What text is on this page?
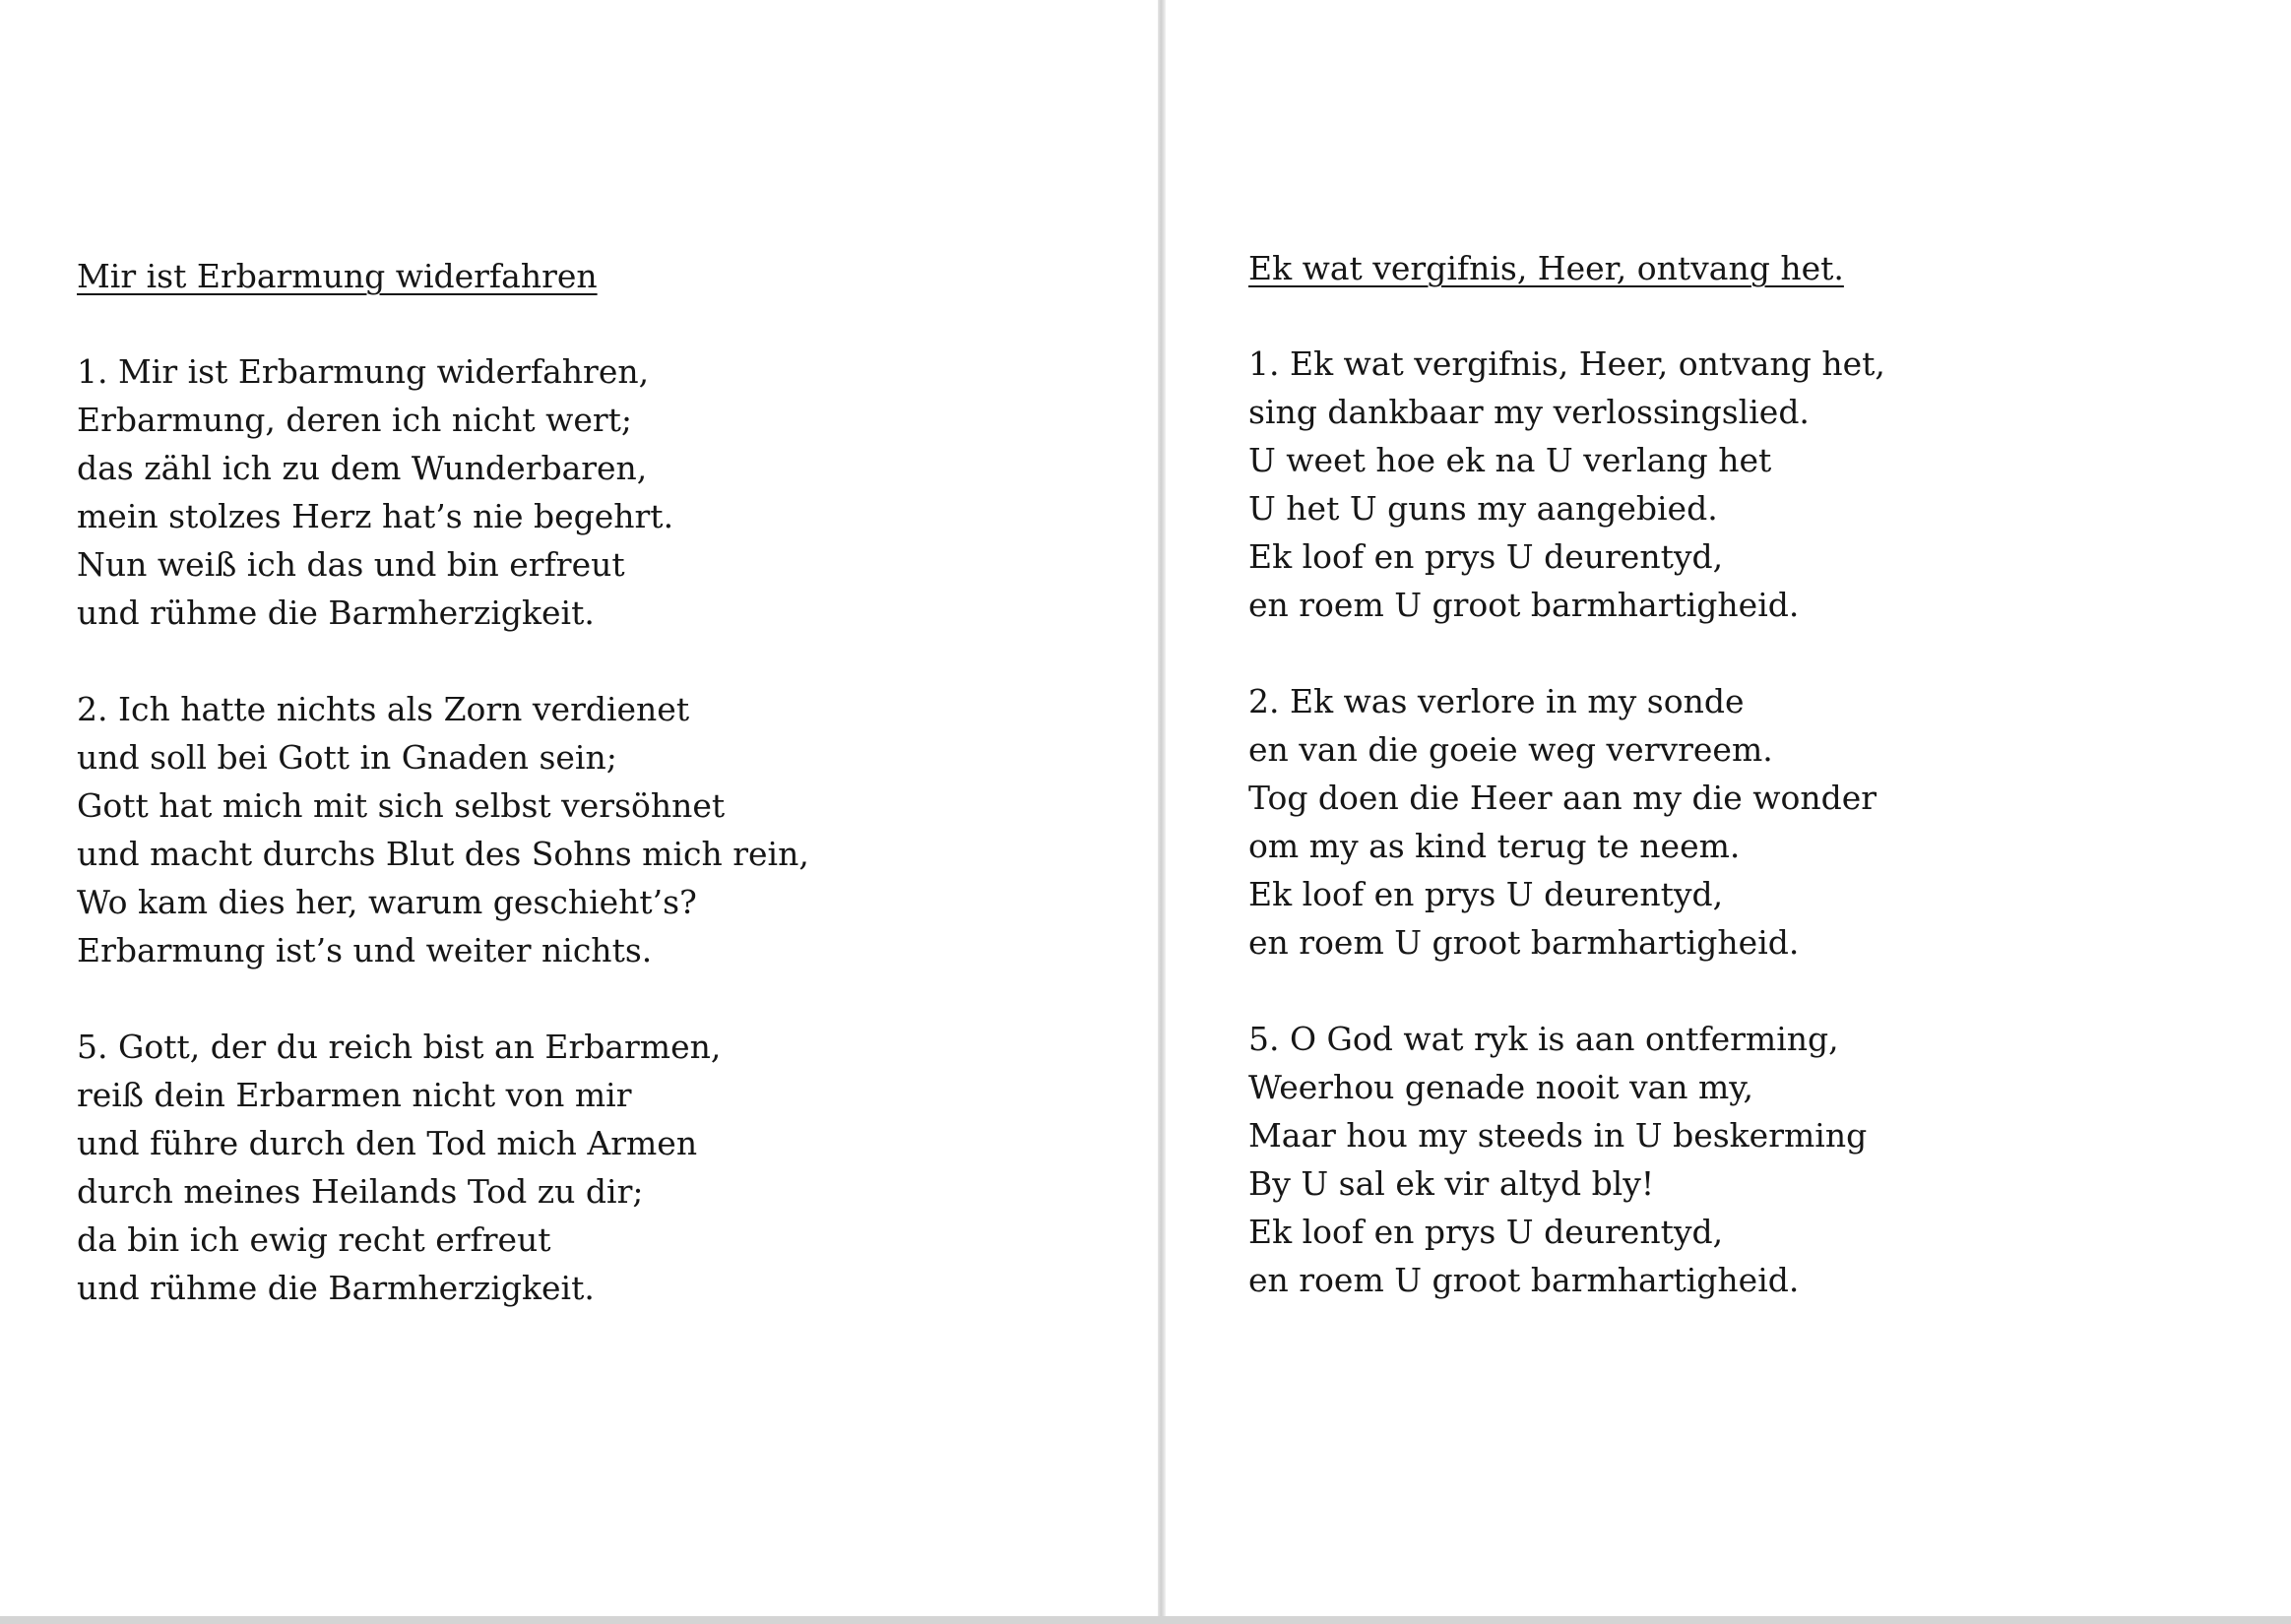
Mir ist Erbarmung widerfahren
1. Mir ist Erbarmung widerfahren,
Erbarmung, deren ich nicht wert;
das zähl ich zu dem Wunderbaren,
mein stolzes Herz hat’s nie begehrt.
Nun weiß ich das und bin erfreut
und rühme die Barmherzigkeit.
2. Ich hatte nichts als Zorn verdienet
und soll bei Gott in Gnaden sein;
Gott hat mich mit sich selbst versöhnet
und macht durchs Blut des Sohns mich rein,
Wo kam dies her, warum geschieht’s?
Erbarmung ist’s und weiter nichts.
5. Gott, der du reich bist an Erbarmen,
reiß dein Erbarmen nicht von mir
und führe durch den Tod mich Armen
durch meines Heilands Tod zu dir;
da bin ich ewig recht erfreut
und rühme die Barmherzigkeit.
Ek wat vergifnis, Heer, ontvang het.
1. Ek wat vergifnis, Heer, ontvang het,
sing dankbaar my verlossingslied.
U weet hoe ek na U verlang het
U het U guns my aangebied.
Ek loof en prys U deurentyd,
en roem U groot barmhartigheid.
2. Ek was verlore in my sonde
en van die goeie weg vervreem.
Tog doen die Heer aan my die wonder
om my as kind terug te neem.
Ek loof en prys U deurentyd,
en roem U groot barmhartigheid.
5. O God wat ryk is aan ontferming,
Weerhou genade nooit van my,
Maar hou my steeds in U beskerming
By U sal ek vir altyd bly!
Ek loof en prys U deurentyd,
en roem U groot barmhartigheid.
